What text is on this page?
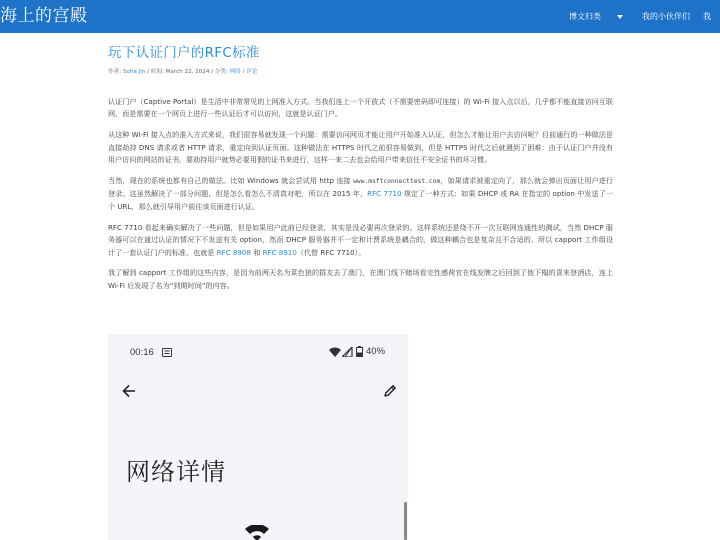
海上的宫殿	博文归类	我的小伙伴们 我
玩下认证门户的RFC标准
作者: Soha Jin / 时间: March 22, 2024 / 分类: 网络 / 评论

认证门户（Captive Portal）是生活中非常常见的上网准入方式。当我们连上一个开放式（不需要密码即可连接）的 Wi-Fi 接入点以后，几乎都不能直接访问互联网，而是需要在一个网页上进行一些认证后才可以访问，这就是认证门户。

从这种 Wi-Fi 接入点的准入方式来说，我们很容易就发现一个问题：需要访问网页才能让用户开始准入认证，但怎么才能让用户去访问呢？目前通行的一种做法是直接劫持 DNS 请求或者 HTTP 请求，重定向到认证页面。这种做法在 HTTPS 时代之前很容易做到，但是 HTTPS 时代之后就遇到了困难：由于认证门户并没有用户访问的网站的证书，要劫持用户就势必要用假的证书来进行，这样一来二去也会给用户带来信任不安全证书的坏习惯。

当然，现在的系统也都有自己的做法。比如 Windows 就会尝试用 http 连接 www.msftconnecttest.com，如果请求被重定向了，那么就会弹出页面让用户进行登录。这虽然解决了一部分问题，但是怎么看怎么不清真对吧，所以在 2015 年，RFC 7710 规定了一种方式：如果 DHCP 或 RA 在指定的 option 中发送了一个 URL，那么就引导用户前往该页面进行认证。

RFC 7710 看起来确实解决了一些问题，但是如果用户此前已经登录，其实是没必要再次登录的。这样系统还是绕不开一次互联网连通性的测试，当然 DHCP 服务器可以在通过认证的情况下不发送有关 option，然而 DHCP 服务器并不一定和计费系统是耦合的，做这种耦合也是复杂且不合适的。所以 capport 工作组设计了一套认证门户的标准，也就是 RFC 8908 和 RFC 8910（代替 RFC 7710）。

我了解到 capport 工作组的这些内容，是因为前两天名为菜色狼的群友去了澳门，在澳门线下赌场看完性感荷官在线发牌之后回到了他下榻的喜来登酒店，连上 Wi-Fi 后发现了名为“到期时间”的内容。

00:16	40%
网络详情
